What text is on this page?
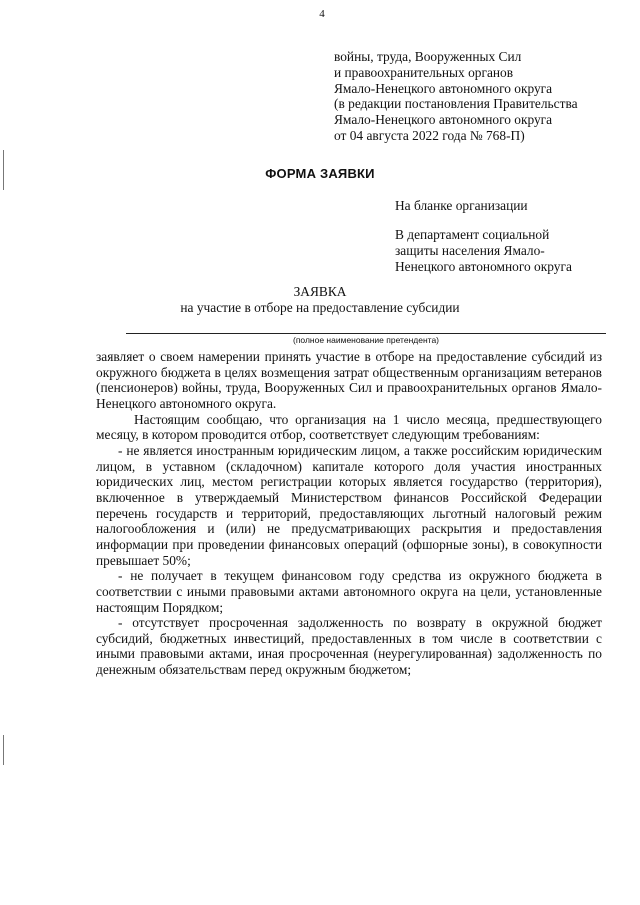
4
войны, труда, Вооруженных Сил
и правоохранительных органов
Ямало-Ненецкого автономного округа
(в редакции постановления Правительства
Ямало-Ненецкого автономного округа
от 04 августа 2022 года № 768-П)
ФОРМА ЗАЯВКИ
На бланке организации
В департамент социальной
защиты населения Ямало-
Ненецкого автономного округа
ЗАЯВКА
на участие в отборе на предоставление субсидии
(полное наименование претендента)

заявляет о своем намерении принять участие в отборе на предоставление субсидий из окружного бюджета в целях возмещения затрат общественным организациям ветеранов (пенсионеров) войны, труда, Вооруженных Сил и правоохранительных органов Ямало-Ненецкого автономного округа.

Настоящим сообщаю, что организация на 1 число месяца, предшествующего месяцу, в котором проводится отбор, соответствует следующим требованиям:

- не является иностранным юридическим лицом, а также российским юридическим лицом, в уставном (складочном) капитале которого доля участия иностранных юридических лиц, местом регистрации которых является государство (территория), включенное в утверждаемый Министерством финансов Российской Федерации перечень государств и территорий, предоставляющих льготный налоговый режим налогообложения и (или) не предусматривающих раскрытия и предоставления информации при проведении финансовых операций (офшорные зоны), в совокупности превышает 50%;

- не получает в текущем финансовом году средства из окружного бюджета в соответствии с иными правовыми актами автономного округа на цели, установленные настоящим Порядком;

- отсутствует просроченная задолженность по возврату в окружной бюджет субсидий, бюджетных инвестиций, предоставленных в том числе в соответствии с иными правовыми актами, иная просроченная (неурегулированная) задолженность по денежным обязательствам перед окружным бюджетом;
